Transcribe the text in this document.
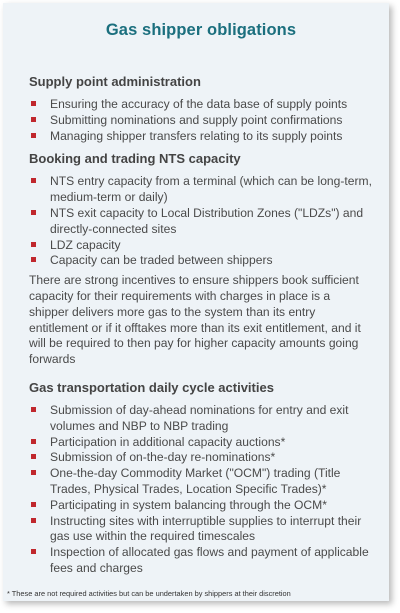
Gas shipper obligations
Supply point administration
Ensuring the accuracy of the data base of supply points
Submitting nominations and supply point confirmations
Managing shipper transfers relating to its supply points
Booking and trading NTS capacity
NTS entry capacity from a terminal (which can be long-term, medium-term or daily)
NTS exit capacity to Local Distribution Zones ("LDZs") and directly-connected sites
LDZ capacity
Capacity can be traded between shippers
There are strong incentives to ensure shippers book sufficient capacity for their requirements with charges in place is a shipper delivers more gas to the system than its entry entitlement or if it offtakes more than its exit entitlement, and it will be required to then pay for higher capacity amounts going forwards
Gas transportation daily cycle activities
Submission of day-ahead nominations for entry and exit volumes and NBP to NBP trading
Participation in additional capacity auctions*
Submission of on-the-day re-nominations*
One-the-day Commodity Market ("OCM") trading (Title Trades, Physical Trades, Location Specific Trades)*
Participating in system balancing through the OCM*
Instructing sites with interruptible supplies to interrupt their gas use within the required timescales
Inspection of allocated gas flows and payment of applicable fees and charges
* These are not required activities but can be undertaken by shippers at their discretion
